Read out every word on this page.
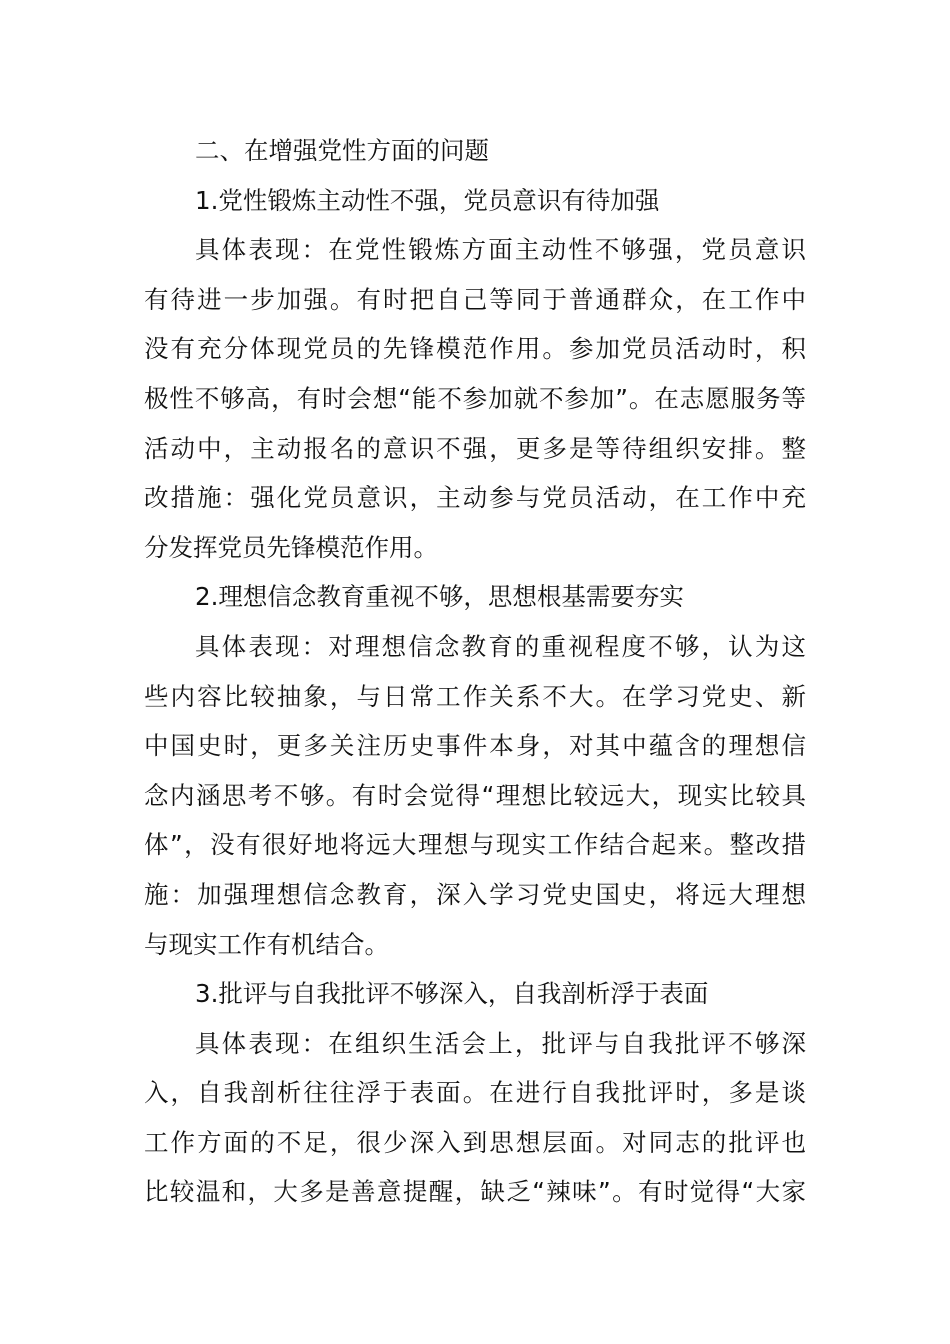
二、在增强党性方面的问题
1.党性锻炼主动性不强，党员意识有待加强
具体表现：在党性锻炼方面主动性不够强，党员意识
有待进一步加强。有时把自己等同于普通群众，在工作中
没有充分体现党员的先锋模范作用。参加党员活动时，积
极性不够高，有时会想“能不参加就不参加”。在志愿服务等
活动中，主动报名的意识不强，更多是等待组织安排。整
改措施：强化党员意识，主动参与党员活动，在工作中充
分发挥党员先锋模范作用。
2.理想信念教育重视不够，思想根基需要夯实
具体表现：对理想信念教育的重视程度不够，认为这
些内容比较抽象，与日常工作关系不大。在学习党史、新
中国史时，更多关注历史事件本身，对其中蕴含的理想信
念内涵思考不够。有时会觉得“理想比较远大，现实比较具
体”，没有很好地将远大理想与现实工作结合起来。整改措
施：加强理想信念教育，深入学习党史国史，将远大理想
与现实工作有机结合。
3.批评与自我批评不够深入，自我剖析浮于表面
具体表现：在组织生活会上，批评与自我批评不够深
入，自我剖析往往浮于表面。在进行自我批评时，多是谈
工作方面的不足，很少深入到思想层面。对同志的批评也
比较温和，大多是善意提醒，缺乏“辣味”。有时觉得“大家
